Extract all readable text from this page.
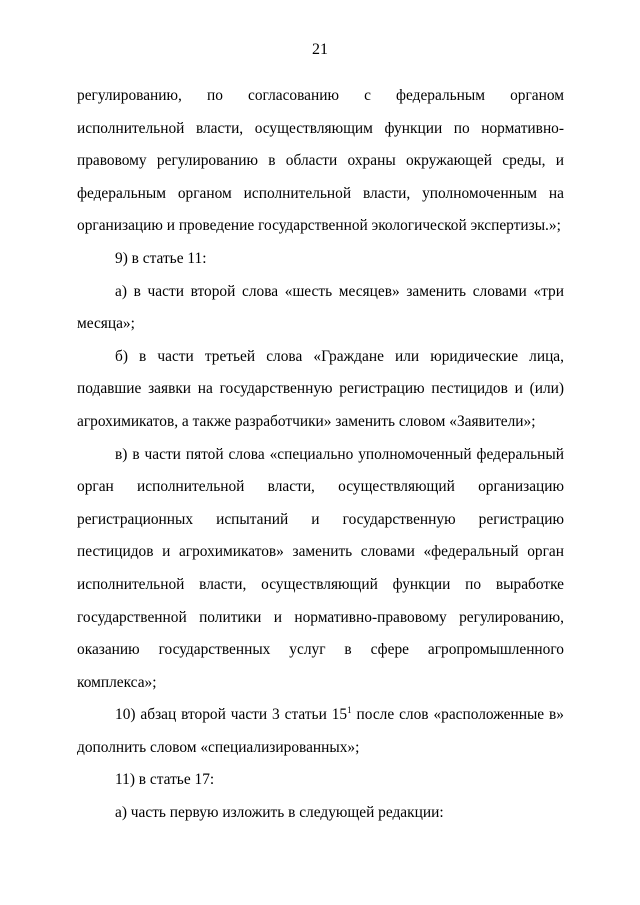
21

регулированию, по согласованию с федеральным органом исполнительной власти, осуществляющим функции по нормативно-правовому регулированию в области охраны окружающей среды, и федеральным органом исполнительной власти, уполномоченным на организацию и проведение государственной экологической экспертизы.»;

9) в статье 11:

а) в части второй слова «шесть месяцев» заменить словами «три месяца»;

б) в части третьей слова «Граждане или юридические лица, подавшие заявки на государственную регистрацию пестицидов и (или) агрохимикатов, а также разработчики» заменить словом «Заявители»;

в) в части пятой слова «специально уполномоченный федеральный орган исполнительной власти, осуществляющий организацию регистрационных испытаний и государственную регистрацию пестицидов и агрохимикатов» заменить словами «федеральный орган исполнительной власти, осуществляющий функции по выработке государственной политики и нормативно-правовому регулированию, оказанию государственных услуг в сфере агропромышленного комплекса»;

10) абзац второй части 3 статьи $15^1$ после слов «расположенные в» дополнить словом «специализированных»;

11) в статье 17:

а) часть первую изложить в следующей редакции:
